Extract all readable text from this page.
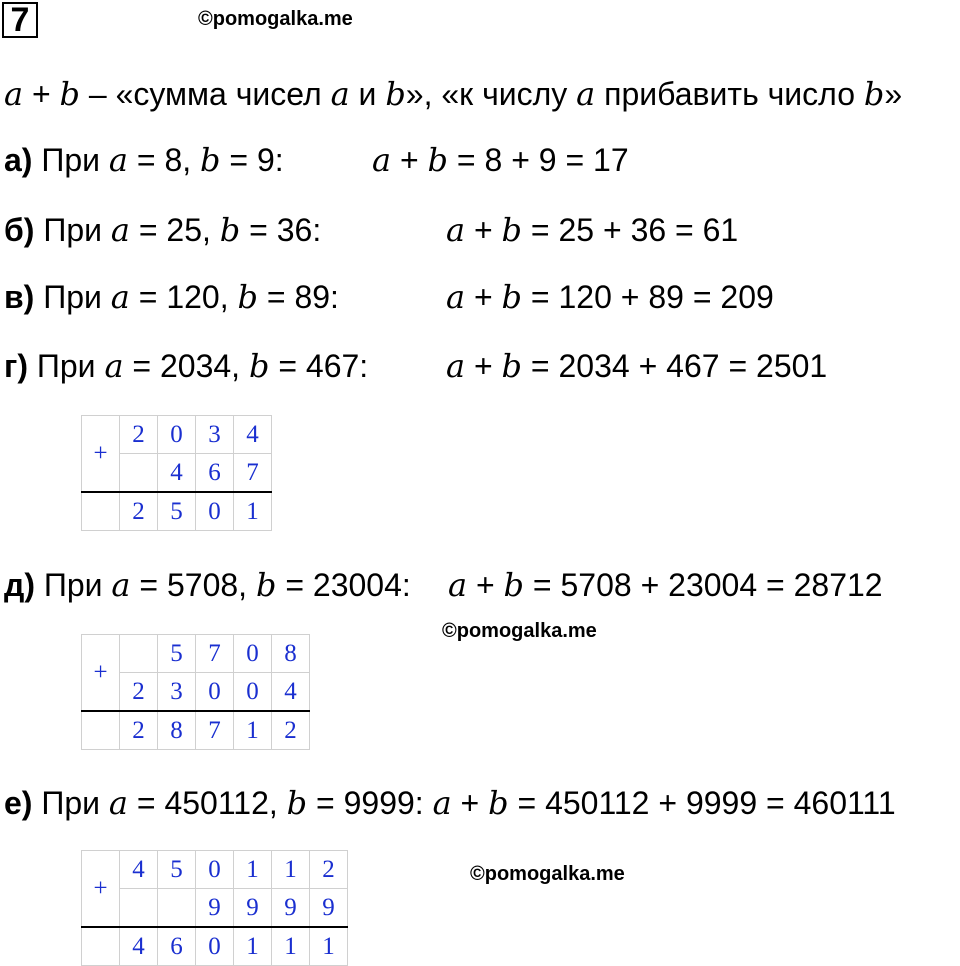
7	©pomogalka.me
a + b – «сумма чисел a и b», «к числу a прибавить число b»
а) При a = 8, b = 9:	a + b = 8 + 9 = 17
б) При a = 25, b = 36:	a + b = 25 + 36 = 61
в) При a = 120, b = 89:	a + b = 120 + 89 = 209
г) При a = 2034, b = 467: a + b = 2034 + 467 = 2501
+	2	0	3	4
		4	6	7
	2	5	0	1
д) При a = 5708, b = 23004: a + b = 5708 + 23004 = 28712
©pomogalka.me
+		5	7	0	8
	2	3	0	0	4
	2	8	7	1	2
е) При a = 450112, b = 9999: a + b = 450112 + 9999 = 460111
©pomogalka.me
+	4	5	0	1	1	2
			9	9	9	9
	4	6	0	1	1	1
